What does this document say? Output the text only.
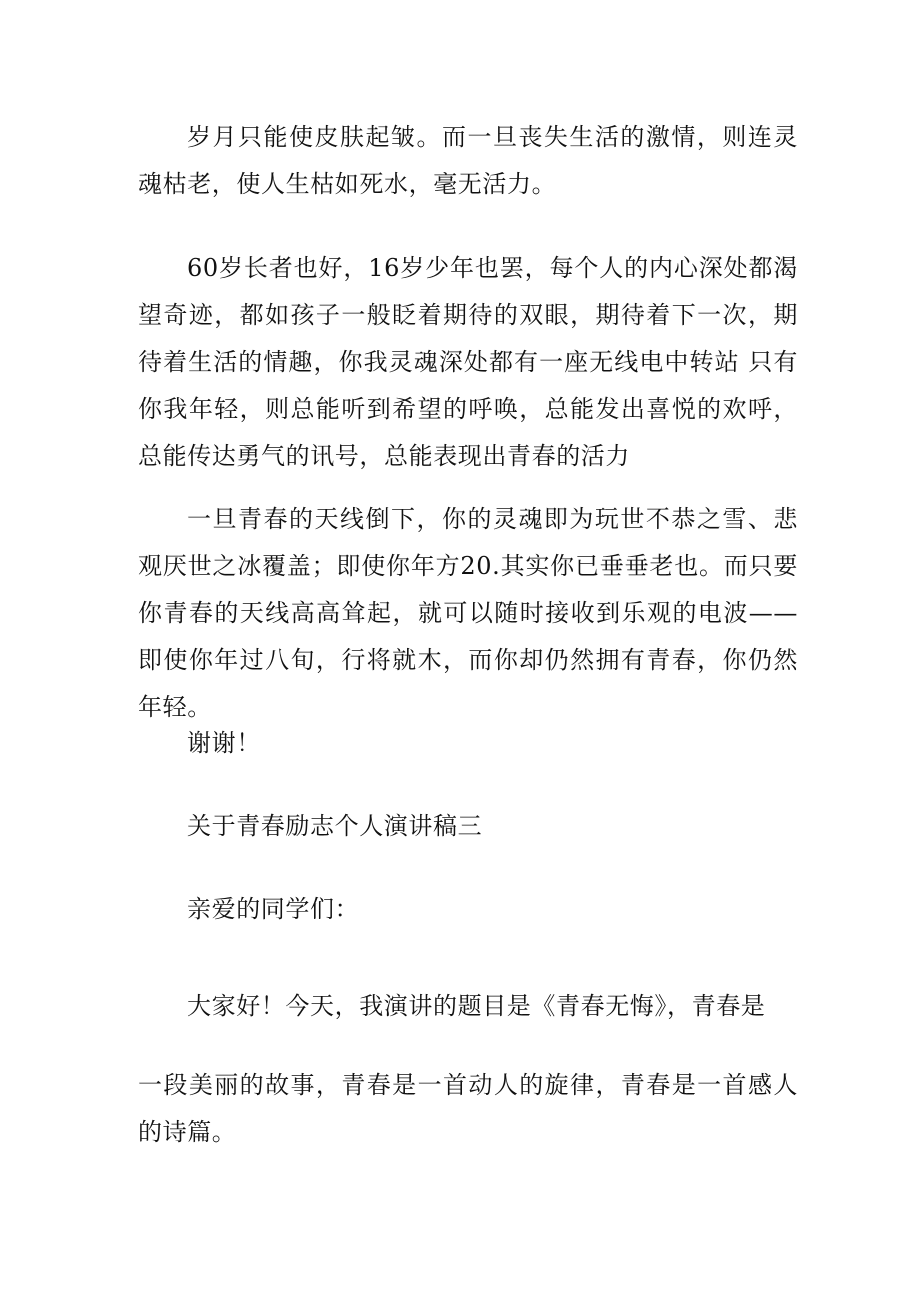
岁月只能使皮肤起皱。而一旦丧失生活的激情，则连灵魂枯老，使人生枯如死水，毫无活力。

60岁长者也好，16岁少年也罢，每个人的内心深处都渴望奇迹，都如孩子一般眨着期待的双眼，期待着下一次，期待着生活的情趣，你我灵魂深处都有一座无线电中转站 只有你我年轻，则总能听到希望的呼唤，总能发出喜悦的欢呼，总能传达勇气的讯号，总能表现出青春的活力

一旦青春的天线倒下，你的灵魂即为玩世不恭之雪、悲观厌世之冰覆盖；即使你年方20.其实你已垂垂老也。而只要你青春的天线高高耸起，就可以随时接收到乐观的电波——即使你年过八旬，行将就木，而你却仍然拥有青春，你仍然年轻。

谢谢！

关于青春励志个人演讲稿三

亲爱的同学们：

大家好！今天，我演讲的题目是《青春无悔》，青春是

一段美丽的故事，青春是一首动人的旋律，青春是一首感人的诗篇。
